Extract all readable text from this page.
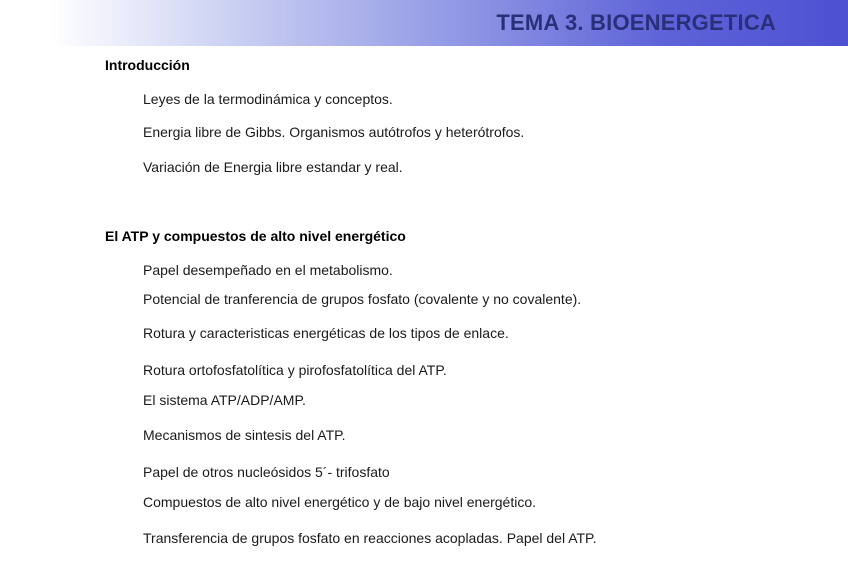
TEMA 3. BIOENERGETICA
Introducción
Leyes de la termodinámica y conceptos.
Energia libre de Gibbs. Organismos autótrofos y heterótrofos.
Variación de Energia libre estandar y real.
El ATP y compuestos de alto nivel energético
Papel desempeñado en el metabolismo.
Potencial de tranferencia de grupos fosfato (covalente y no covalente).
Rotura y caracteristicas energéticas de los tipos de enlace.
Rotura ortofosfatolítica y pirofosfatolítica del ATP.
El sistema ATP/ADP/AMP.
Mecanismos de sintesis del ATP.
Papel de otros nucleósidos 5´- trifosfato
Compuestos de alto nivel energético y de bajo nivel energético.
Transferencia de grupos fosfato en reacciones acopladas. Papel del ATP.
